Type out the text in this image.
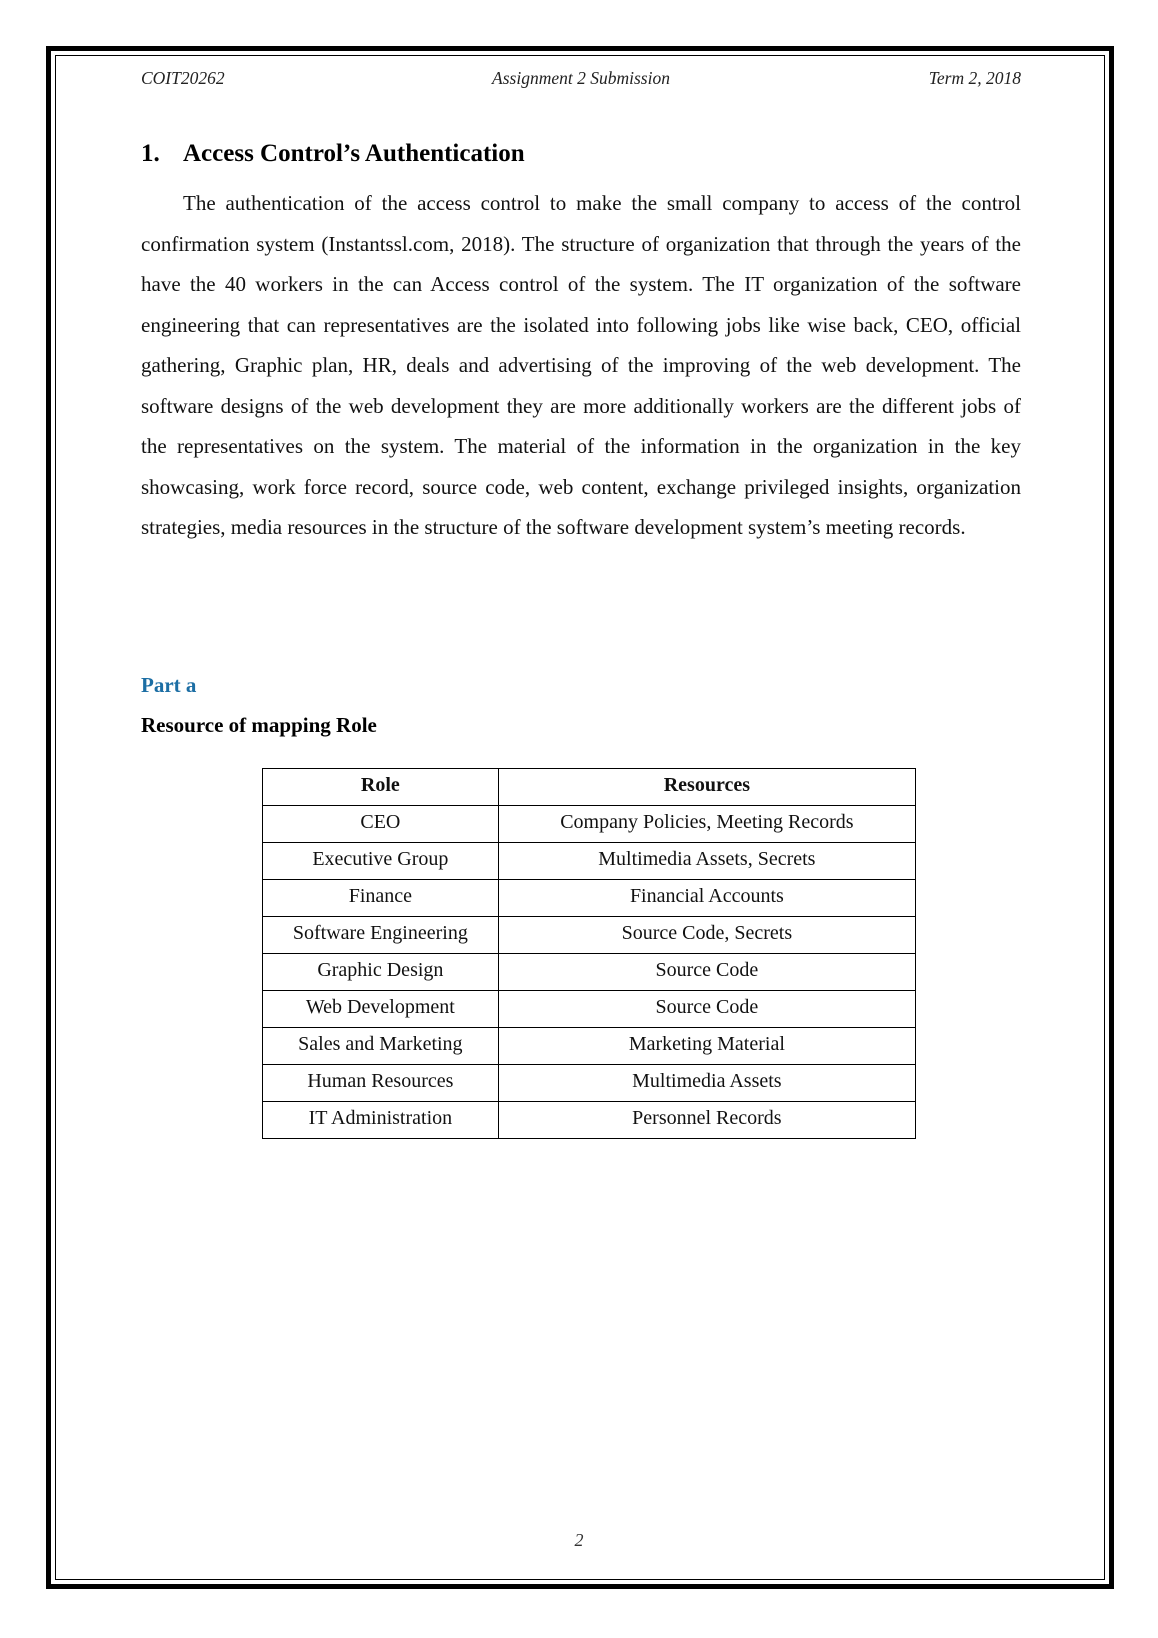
COIT20262	Assignment 2 Submission	Term 2, 2018
1. Access Control’s Authentication

The authentication of the access control to make the small company to access of the control confirmation system (Instantssl.com, 2018). The structure of organization that through the years of the have the 40 workers in the can Access control of the system. The IT organization of the software engineering that can representatives are the isolated into following jobs like wise back, CEO, official gathering, Graphic plan, HR, deals and advertising of the improving of the web development. The software designs of the web development they are more additionally workers are the different jobs of the representatives on the system. The material of the information in the organization in the key showcasing, work force record, source code, web content, exchange privileged insights, organization strategies, media resources in the structure of the software development system’s meeting records.

Part a
Resource of mapping Role
Role	Resources
CEO	Company Policies, Meeting Records
Executive Group	Multimedia Assets, Secrets
Finance	Financial Accounts
Software Engineering	Source Code, Secrets
Graphic Design	Source Code
Web Development	Source Code
Sales and Marketing	Marketing Material
Human Resources	Multimedia Assets
IT Administration	Personnel Records
2
